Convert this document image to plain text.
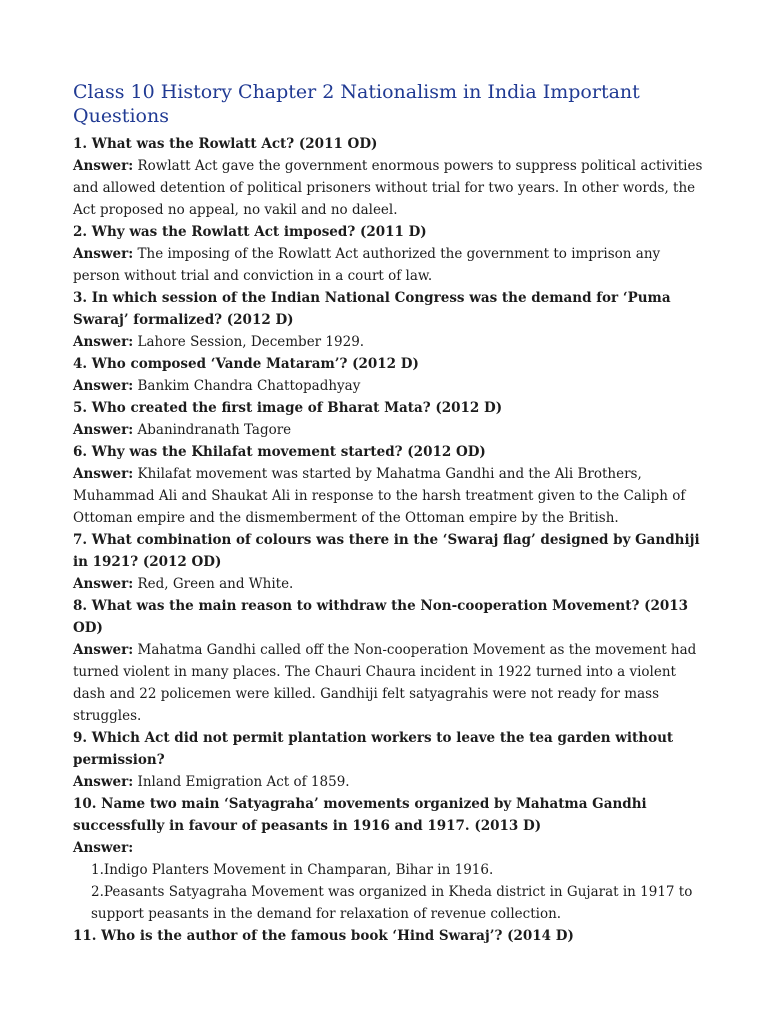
Class 10 History Chapter 2 Nationalism in India Important Questions
1. What was the Rowlatt Act? (2011 OD)
Answer: Rowlatt Act gave the government enormous powers to suppress political activities and allowed detention of political prisoners without trial for two years. In other words, the Act proposed no appeal, no vakil and no daleel.
2. Why was the Rowlatt Act imposed? (2011 D)
Answer: The imposing of the Rowlatt Act authorized the government to imprison any person without trial and conviction in a court of law.
3. In which session of the Indian National Congress was the demand for ‘Puma Swaraj’ formalized? (2012 D)
Answer: Lahore Session, December 1929.
4. Who composed ‘Vande Mataram’? (2012 D)
Answer: Bankim Chandra Chattopadhyay
5. Who created the first image of Bharat Mata? (2012 D)
Answer: Abanindranath Tagore
6. Why was the Khilafat movement started? (2012 OD)
Answer: Khilafat movement was started by Mahatma Gandhi and the Ali Brothers, Muhammad Ali and Shaukat Ali in response to the harsh treatment given to the Caliph of Ottoman empire and the dismemberment of the Ottoman empire by the British.
7. What combination of colours was there in the ‘Swaraj flag’ designed by Gandhiji in 1921? (2012 OD)
Answer: Red, Green and White.
8. What was the main reason to withdraw the Non-cooperation Movement? (2013 OD)
Answer: Mahatma Gandhi called off the Non-cooperation Movement as the movement had turned violent in many places. The Chauri Chaura incident in 1922 turned into a violent dash and 22 policemen were killed. Gandhiji felt satyagrahis were not ready for mass struggles.
9. Which Act did not permit plantation workers to leave the tea garden without permission?
Answer: Inland Emigration Act of 1859.
10. Name two main ‘Satyagraha’ movements organized by Mahatma Gandhi successfully in favour of peasants in 1916 and 1917. (2013 D)
Answer:
1.Indigo Planters Movement in Champaran, Bihar in 1916.
2.Peasants Satyagraha Movement was organized in Kheda district in Gujarat in 1917 to support peasants in the demand for relaxation of revenue collection.
11. Who is the author of the famous book ‘Hind Swaraj’? (2014 D)
